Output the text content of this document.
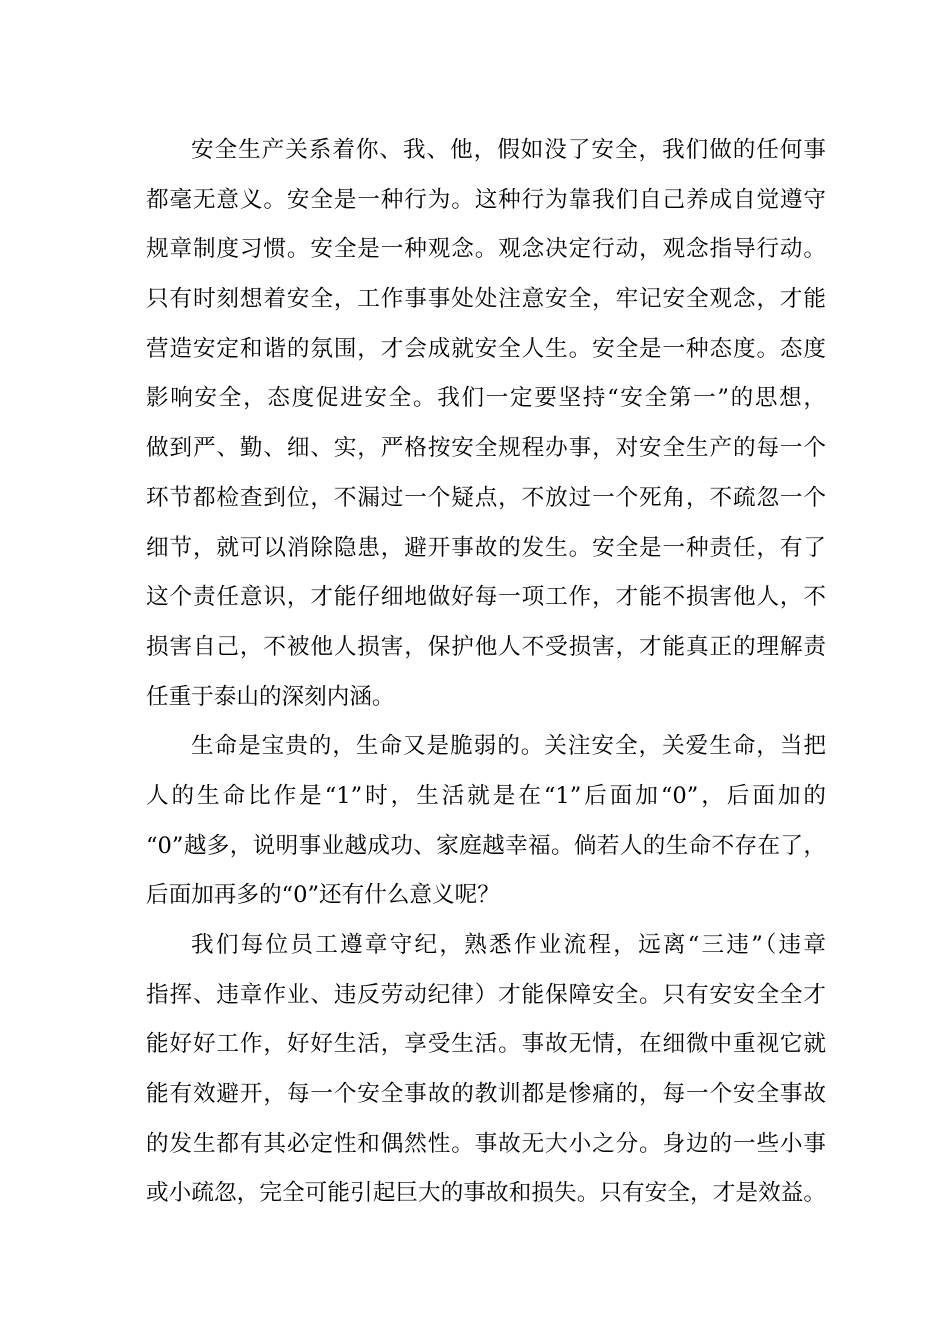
安全生产关系着你、我、他，假如没了安全，我们做的任何事
都毫无意义。安全是一种行为。这种行为靠我们自己养成自觉遵守
规章制度习惯。安全是一种观念。观念决定行动，观念指导行动。
只有时刻想着安全，工作事事处处注意安全，牢记安全观念，才能
营造安定和谐的氛围，才会成就安全人生。安全是一种态度。态度
影响安全，态度促进安全。我们一定要坚持“安全第一”的思想，
做到严、勤、细、实，严格按安全规程办事，对安全生产的每一个
环节都检查到位，不漏过一个疑点，不放过一个死角，不疏忽一个
细节，就可以消除隐患，避开事故的发生。安全是一种责任，有了
这个责任意识，才能仔细地做好每一项工作，才能不损害他人，不
损害自己，不被他人损害，保护他人不受损害，才能真正的理解责
任重于泰山的深刻内涵。
生命是宝贵的，生命又是脆弱的。关注安全，关爱生命，当把
人的生命比作是“1”时，生活就是在“1”后面加“0”，后面加的
“0”越多，说明事业越成功、家庭越幸福。倘若人的生命不存在了，
后面加再多的“0”还有什么意义呢？
我们每位员工遵章守纪，熟悉作业流程，远离“三违”（违章
指挥、违章作业、违反劳动纪律）才能保障安全。只有安安全全才
能好好工作，好好生活，享受生活。事故无情，在细微中重视它就
能有效避开，每一个安全事故的教训都是惨痛的，每一个安全事故
的发生都有其必定性和偶然性。事故无大小之分。身边的一些小事
或小疏忽，完全可能引起巨大的事故和损失。只有安全，才是效益。
